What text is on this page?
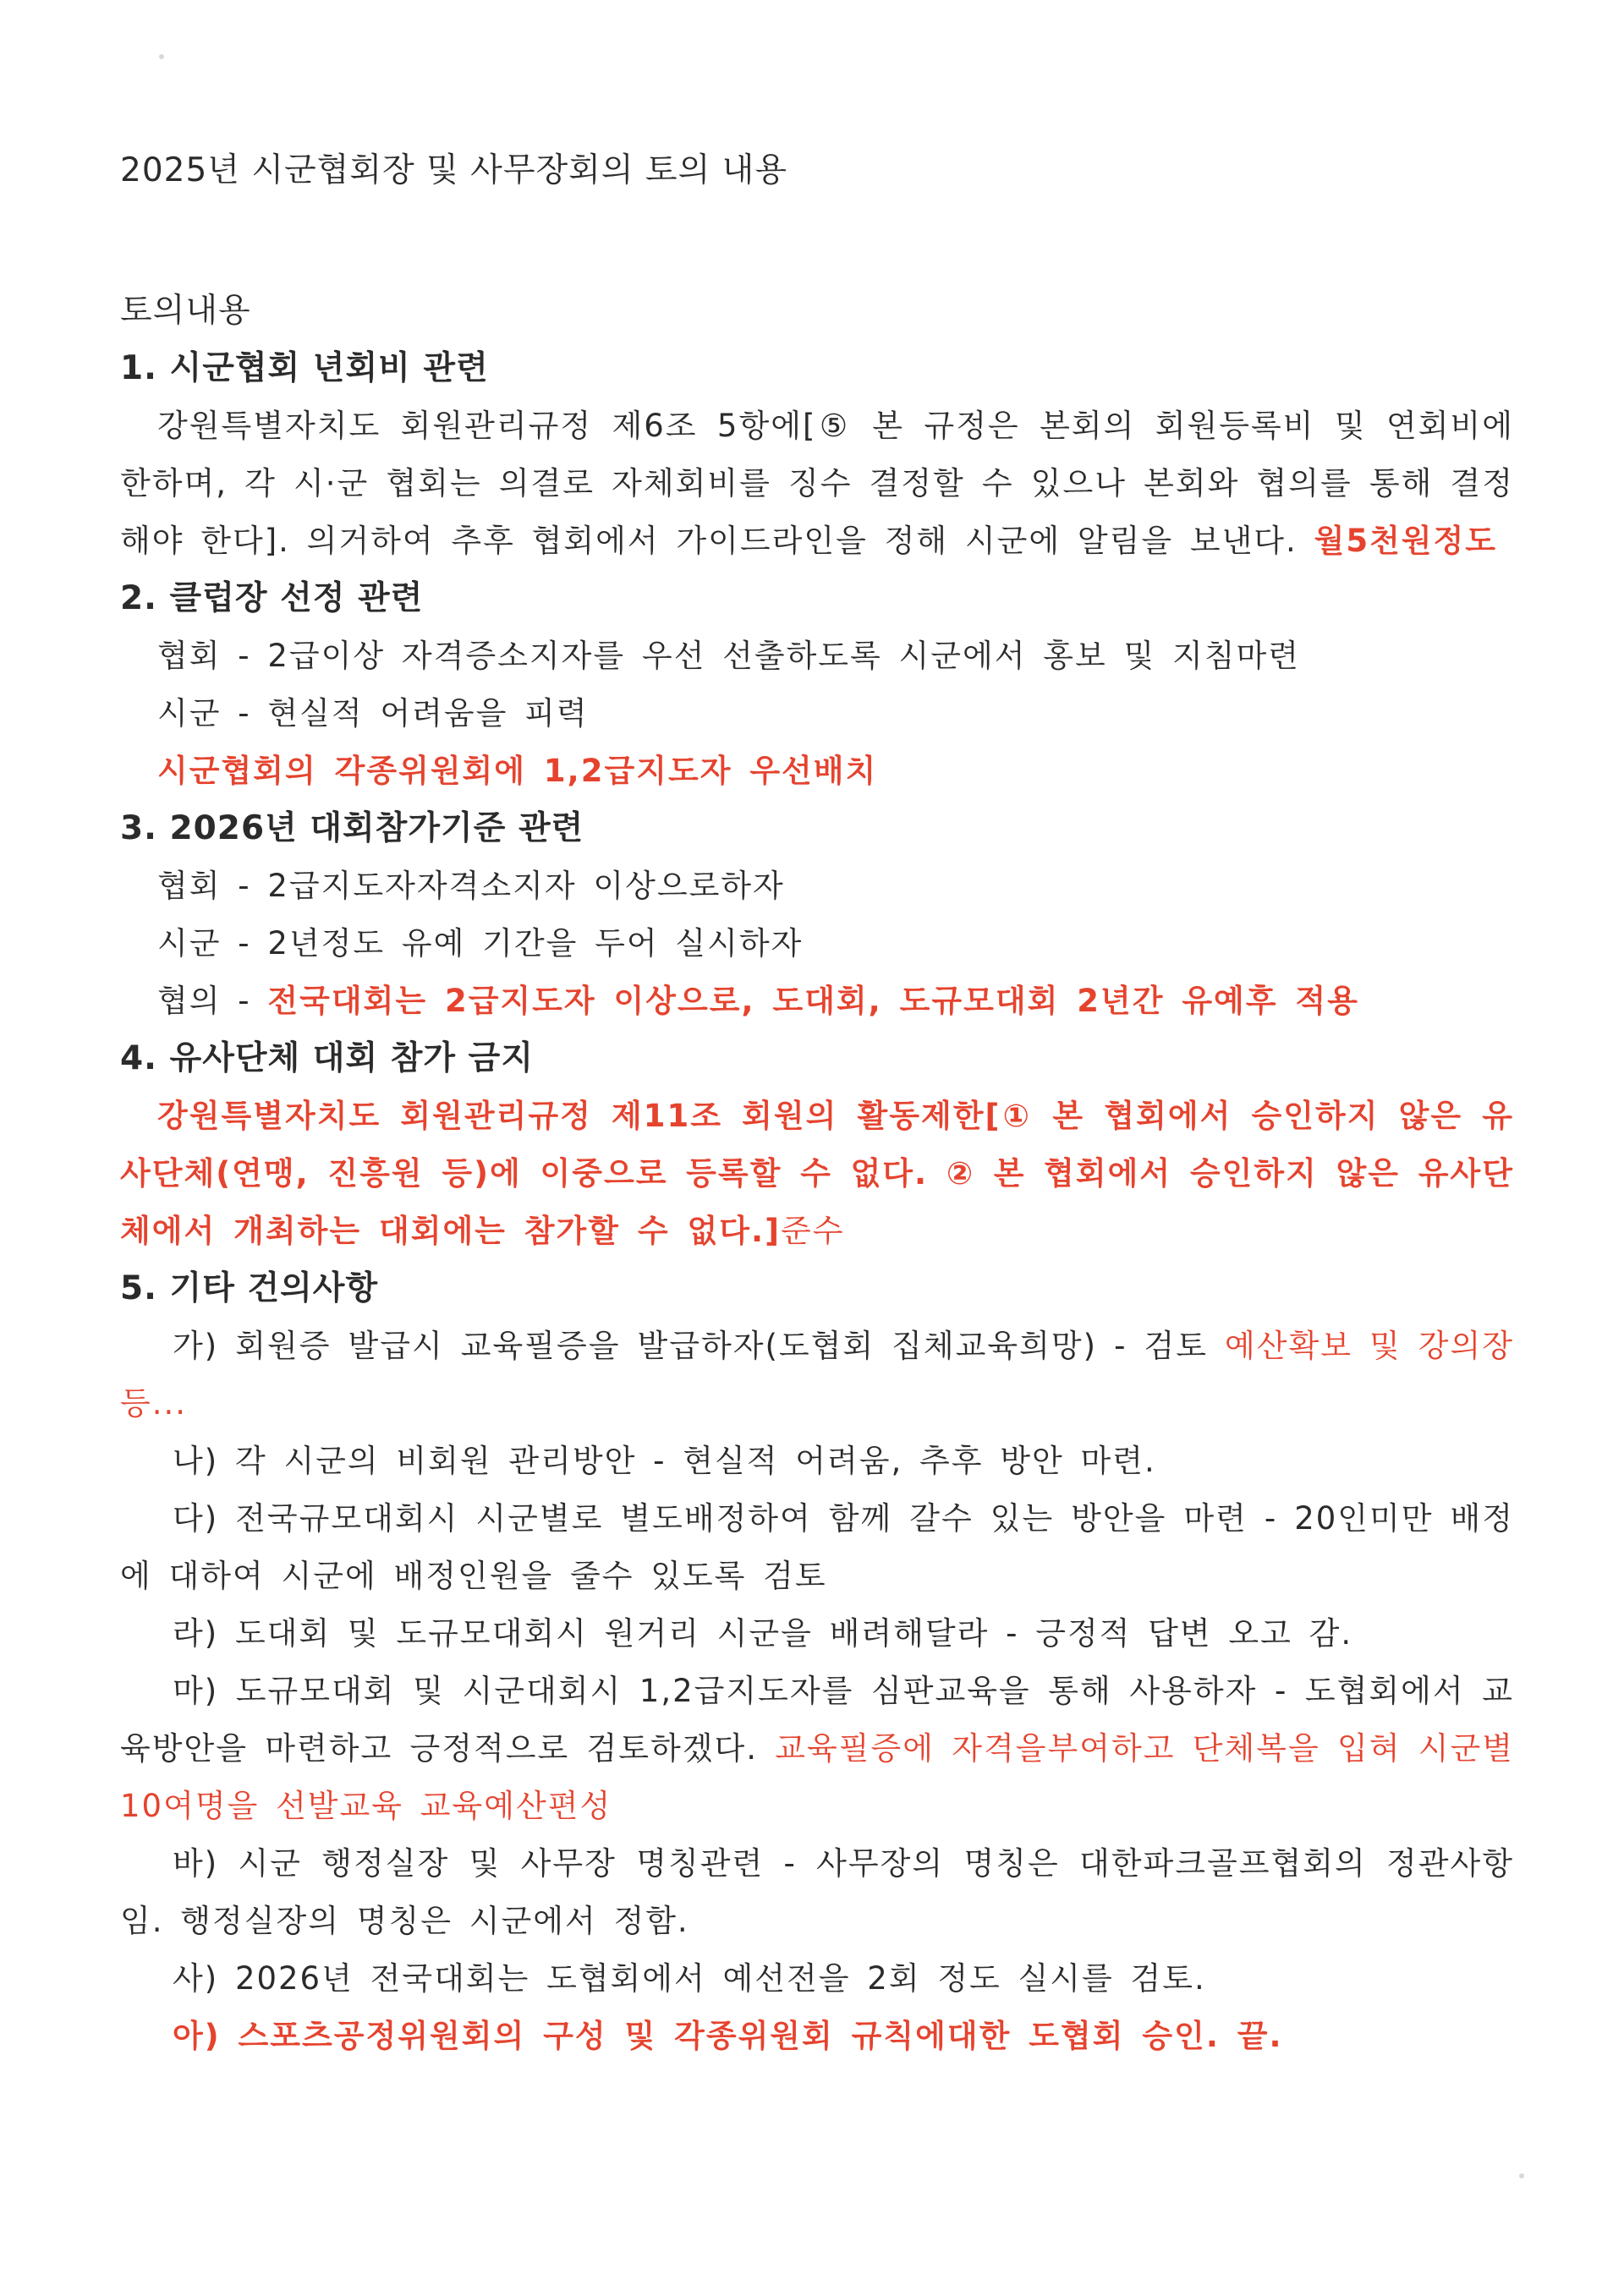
2025년 시군협회장 및 사무장회의 토의 내용
토의내용
1. 시군협회 년회비 관련
강원특별자치도 회원관리규정 제6조 5항에[⑤ 본 규정은 본회의 회원등록비 및 연회비에 한하며, 각 시·군 협회는 의결로 자체회비를 징수 결정할 수 있으나 본회와 협의를 통해 결정해야 한다]. 의거하여 추후 협회에서 가이드라인을 정해 시군에 알림을 보낸다. 월5천원정도
2. 클럽장 선정 관련
협회 - 2급이상 자격증소지자를 우선 선출하도록 시군에서 홍보 및 지침마련
시군 - 현실적 어려움을 피력
시군협회의 각종위원회에 1,2급지도자 우선배치
3. 2026년 대회참가기준 관련
협회 - 2급지도자자격소지자 이상으로하자
시군 - 2년정도 유예 기간을 두어 실시하자
협의 - 전국대회는 2급지도자 이상으로, 도대회, 도규모대회 2년간 유예후 적용
4. 유사단체 대회 참가 금지
강원특별자치도 회원관리규정 제11조 회원의 활동제한[① 본 협회에서 승인하지 않은 유사단체(연맹, 진흥원 등)에 이중으로 등록할 수 없다. ② 본 협회에서 승인하지 않은 유사단체에서 개최하는 대회에는 참가할 수 없다.]준수
5. 기타 건의사항
가) 회원증 발급시 교육필증을 발급하자(도협회 집체교육희망) - 검토 예산확보 및 강의장등...
나) 각 시군의 비회원 관리방안 - 현실적 어려움, 추후 방안 마련.
다) 전국규모대회시 시군별로 별도배정하여 함께 갈수 있는 방안을 마련 - 20인미만 배정에 대하여 시군에 배정인원을 줄수 있도록 검토
라) 도대회 및 도규모대회시 원거리 시군을 배려해달라 - 긍정적 답변 오고 감.
마) 도규모대회 및 시군대회시 1,2급지도자를 심판교육을 통해 사용하자 - 도협회에서 교육방안을 마련하고 긍정적으로 검토하겠다. 교육필증에 자격을부여하고 단체복을 입혀 시군별10여명을 선발교육 교육예산편성
바) 시군 행정실장 및 사무장 명칭관련 - 사무장의 명칭은 대한파크골프협회의 정관사항임. 행정실장의 명칭은 시군에서 정함.
사) 2026년 전국대회는 도협회에서 예선전을 2회 정도 실시를 검토.
아) 스포츠공정위원회의 구성 및 각종위원회 규칙에대한 도협회 승인. 끝.
